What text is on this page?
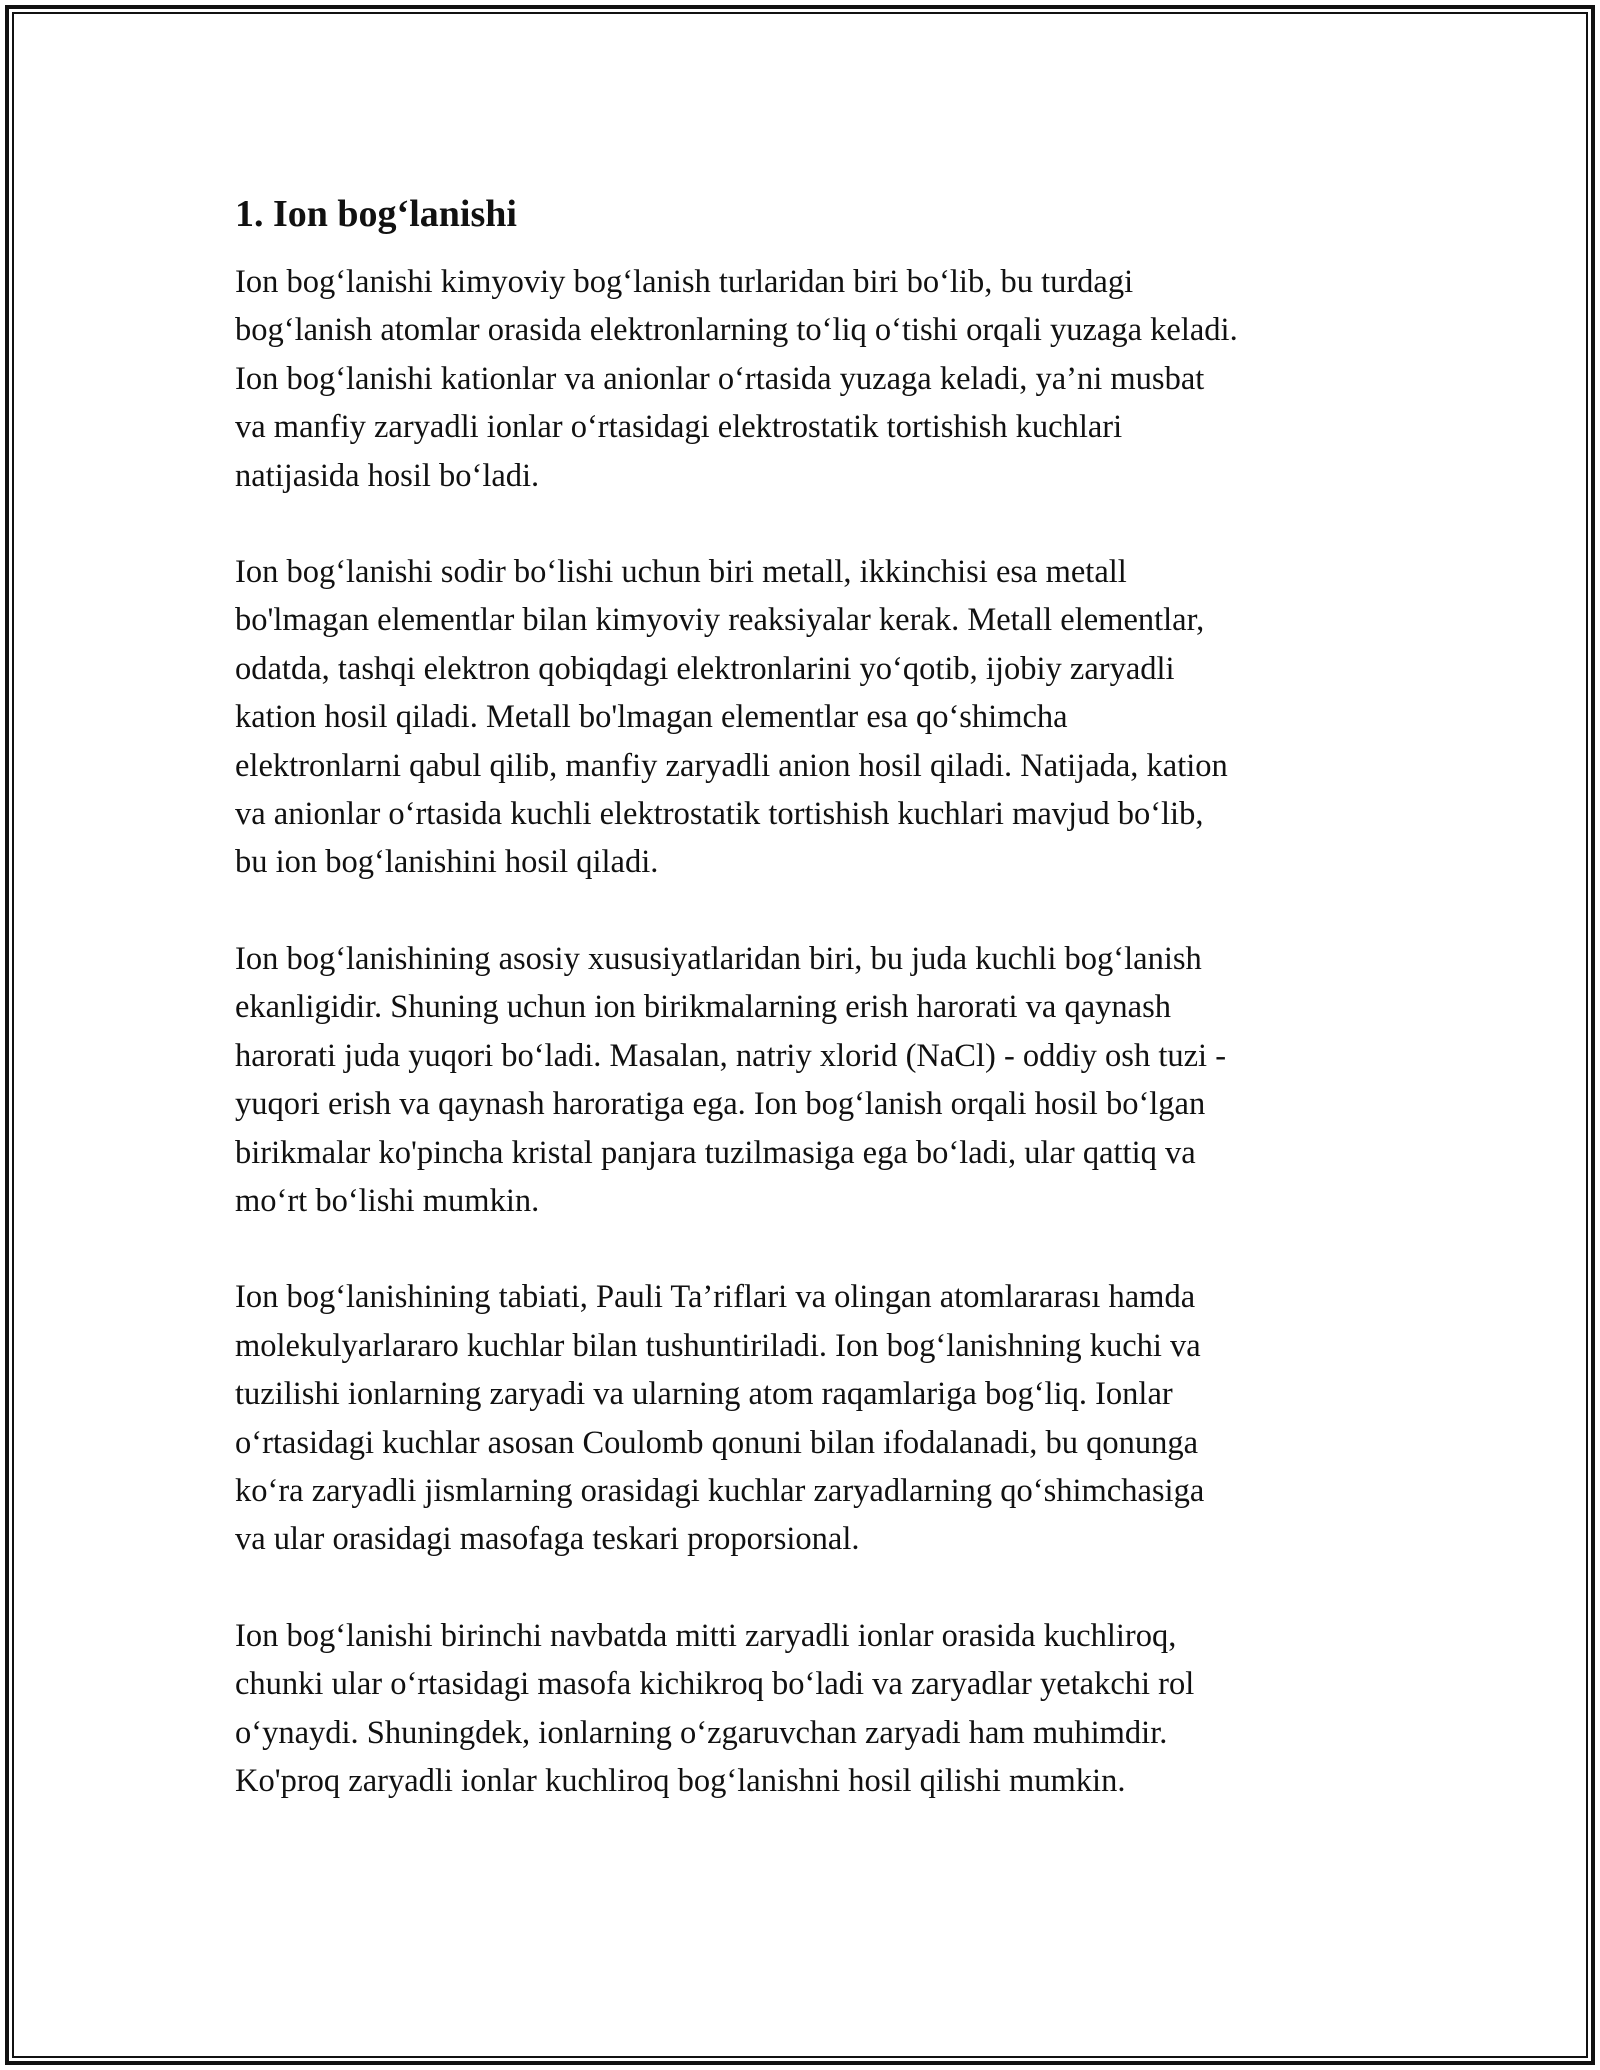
1. Ion bog‘lanishi

Ion bog‘lanishi kimyoviy bog‘lanish turlaridan biri bo‘lib, bu turdagi
bog‘lanish atomlar orasida elektronlarning to‘liq o‘tishi orqali yuzaga keladi.
Ion bog‘lanishi kationlar va anionlar o‘rtasida yuzaga keladi, ya’ni musbat
va manfiy zaryadli ionlar o‘rtasidagi elektrostatik tortishish kuchlari
natijasida hosil bo‘ladi.

Ion bog‘lanishi sodir bo‘lishi uchun biri metall, ikkinchisi esa metall
bo'lmagan elementlar bilan kimyoviy reaksiyalar kerak. Metall elementlar,
odatda, tashqi elektron qobiqdagi elektronlarini yo‘qotib, ijobiy zaryadli
kation hosil qiladi. Metall bo'lmagan elementlar esa qo‘shimcha
elektronlarni qabul qilib, manfiy zaryadli anion hosil qiladi. Natijada, kation
va anionlar o‘rtasida kuchli elektrostatik tortishish kuchlari mavjud bo‘lib,
bu ion bog‘lanishini hosil qiladi.

Ion bog‘lanishining asosiy xususiyatlaridan biri, bu juda kuchli bog‘lanish
ekanligidir. Shuning uchun ion birikmalarning erish harorati va qaynash
harorati juda yuqori bo‘ladi. Masalan, natriy xlorid (NaCl) - oddiy osh tuzi -
yuqori erish va qaynash haroratiga ega. Ion bog‘lanish orqali hosil bo‘lgan
birikmalar ko'pincha kristal panjara tuzilmasiga ega bo‘ladi, ular qattiq va
mo‘rt bo‘lishi mumkin.

Ion bog‘lanishining tabiati, Pauli Ta’riflari va olingan atomlararası hamda
molekulyarlararo kuchlar bilan tushuntiriladi. Ion bog‘lanishning kuchi va
tuzilishi ionlarning zaryadi va ularning atom raqamlariga bog‘liq. Ionlar
o‘rtasidagi kuchlar asosan Coulomb qonuni bilan ifodalanadi, bu qonunga
ko‘ra zaryadli jismlarning orasidagi kuchlar zaryadlarning qo‘shimchasiga
va ular orasidagi masofaga teskari proporsional.

Ion bog‘lanishi birinchi navbatda mitti zaryadli ionlar orasida kuchliroq,
chunki ular o‘rtasidagi masofa kichikroq bo‘ladi va zaryadlar yetakchi rol
o‘ynaydi. Shuningdek, ionlarning o‘zgaruvchan zaryadi ham muhimdir.
Ko'proq zaryadli ionlar kuchliroq bog‘lanishni hosil qilishi mumkin.
